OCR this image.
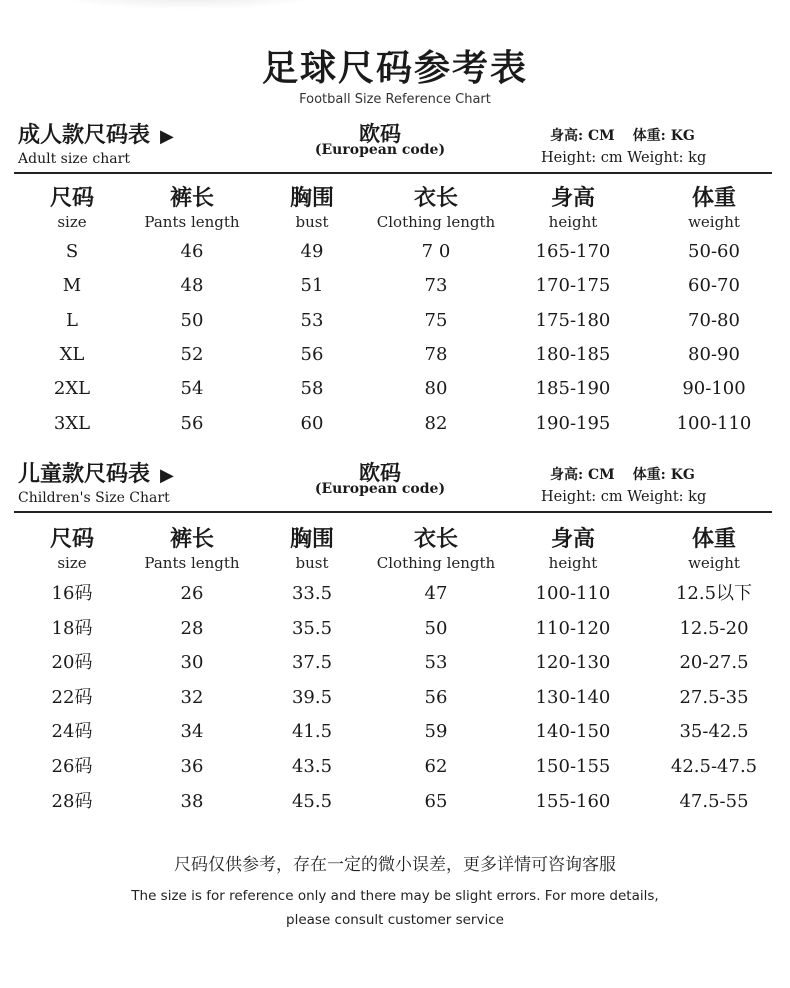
足球尺码参考表
Football Size Reference Chart
成人款尺码表 ▶
Adult size chart
欧码
(European code)
身高: CM 体重: KG
Height: cm Weight: kg
尺码
size
裤长
Pants length
胸围
bust
衣长
Clothing length
身高
height
体重
weight
S	46	49	7 0	165-170	50-60
M	48	51	73	170-175	60-70
L	50	53	75	175-180	70-80
XL	52	56	78	180-185	80-90
2XL	54	58	80	185-190	90-100
3XL	56	60	82	190-195	100-110
儿童款尺码表 ▶
Children's Size Chart
欧码
(European code)
身高: CM 体重: KG
Height: cm Weight: kg
尺码
size
裤长
Pants length
胸围
bust
衣长
Clothing length
身高
height
体重
weight
16码	26	33.5	47	100-110	12.5以下
18码	28	35.5	50	110-120	12.5-20
20码	30	37.5	53	120-130	20-27.5
22码	32	39.5	56	130-140	27.5-35
24码	34	41.5	59	140-150	35-42.5
26码	36	43.5	62	150-155	42.5-47.5
28码	38	45.5	65	155-160	47.5-55
尺码仅供参考，存在一定的微小误差，更多详情可咨询客服
The size is for reference only and there may be slight errors. For more details,
please consult customer service
